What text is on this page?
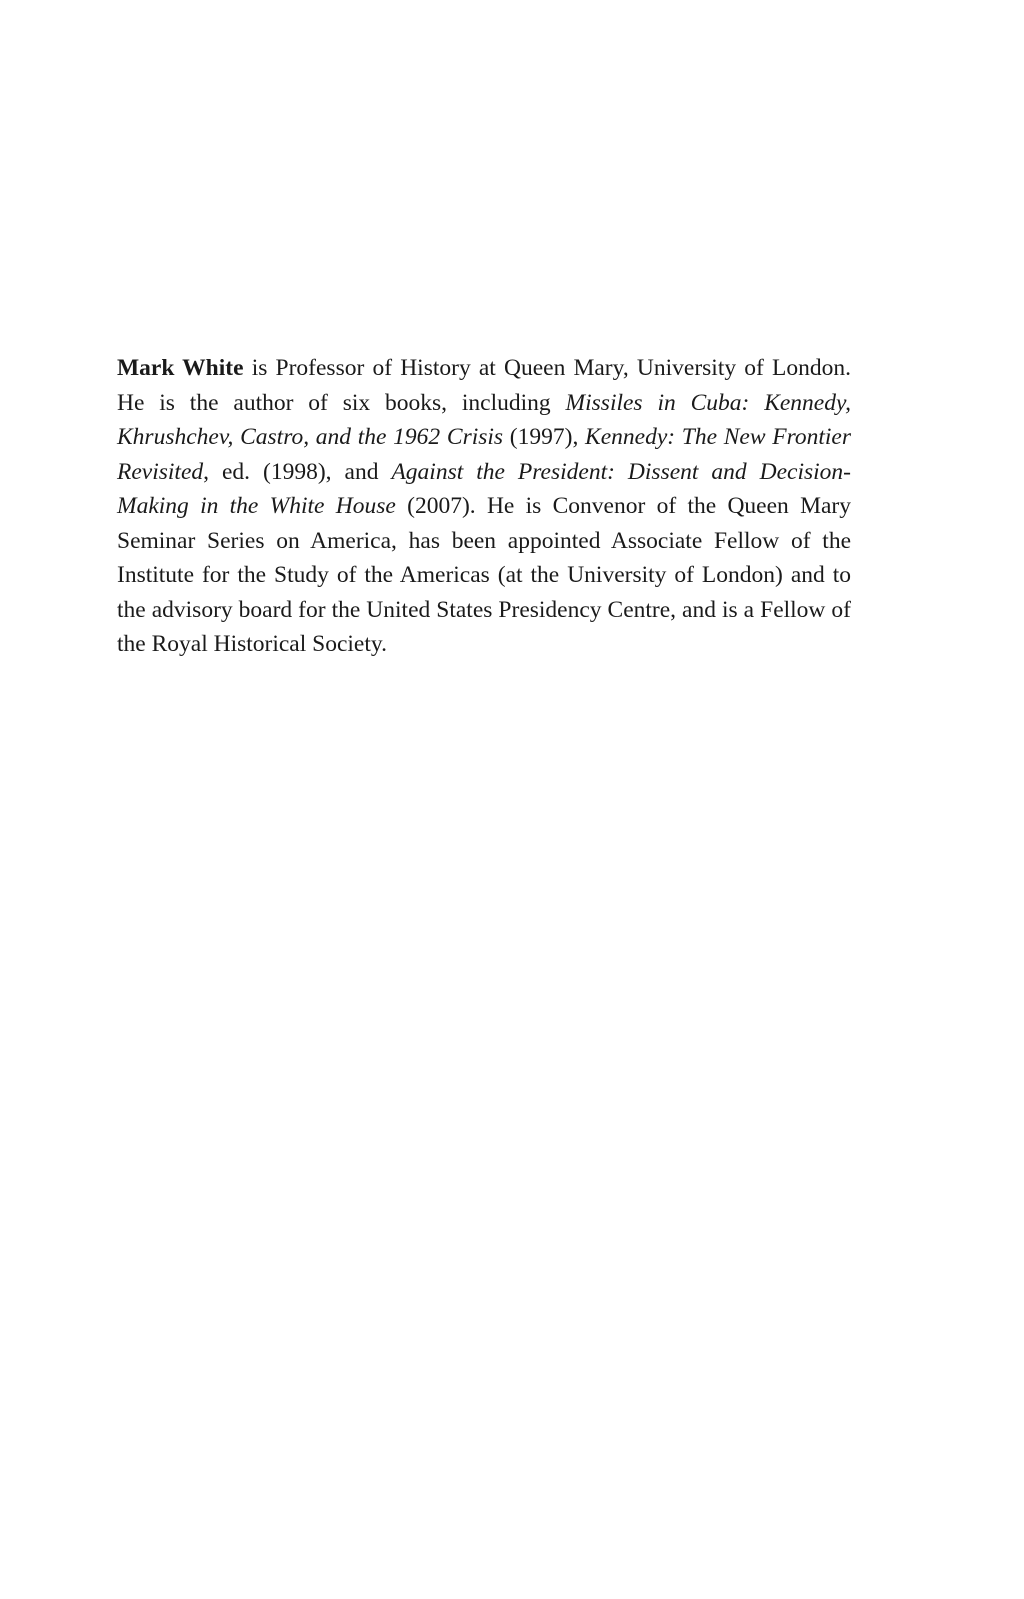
Mark White is Professor of History at Queen Mary, University of London. He is the author of six books, including Missiles in Cuba: Kennedy, Khrushchev, Castro, and the 1962 Crisis (1997), Kennedy: The New Frontier Revisited, ed. (1998), and Against the President: Dissent and Decision-Making in the White House (2007). He is Convenor of the Queen Mary Seminar Series on America, has been appointed Associate Fellow of the Institute for the Study of the Americas (at the University of London) and to the advisory board for the United States Presidency Centre, and is a Fellow of the Royal Historical Society.
